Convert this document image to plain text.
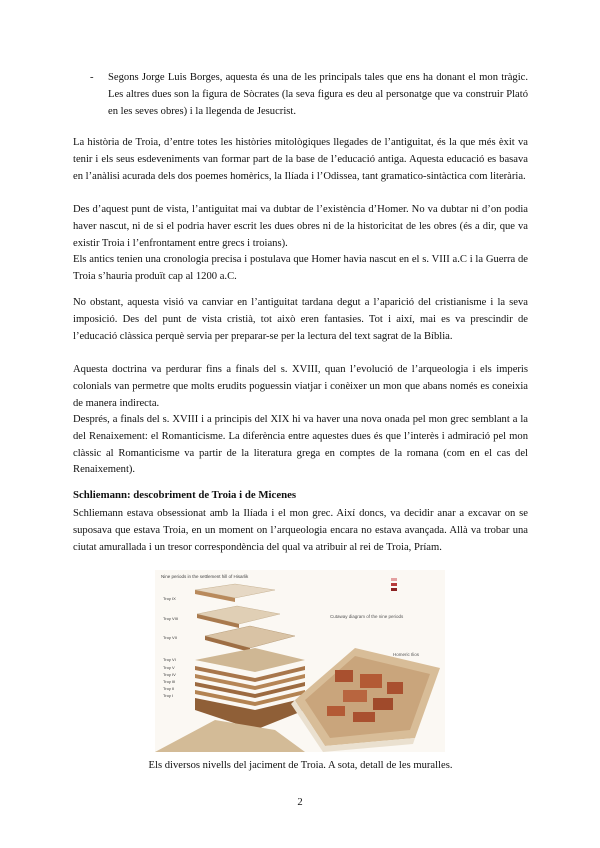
- Segons Jorge Luis Borges, aquesta és una de les principals tales que ens ha donant el mon tràgic. Les altres dues son la figura de Sòcrates (la seva figura es deu al personatge que va construir Plató en les seves obres) i la llegenda de Jesucrist.

La història de Troia, d’entre totes les històries mitològiques llegades de l’antiguitat, és la que més èxit va tenir i els seus esdeveniments van formar part de la base de l’educació antiga. Aquesta educació es basava en l’anàlisi acurada dels dos poemes homèrics, la Ilíada i l’Odissea, tant gramatico-sintàctica com literària.

Des d’aquest punt de vista, l’antiguitat mai va dubtar de l’existència d’Homer. No va dubtar ni d’on podia haver nascut, ni de si el podria haver escrit les dues obres ni de la historicitat de les obres (és a dir, que va existir Troia i l’enfrontament entre grecs i troians).

Els antics tenien una cronologia precisa i postulava que Homer havia nascut en el s. VIII a.C i la Guerra de Troia s’hauria produït cap al 1200 a.C.

No obstant, aquesta visió va canviar en l’antiguitat tardana degut a l’aparició del cristianisme i la seva imposició. Des del punt de vista cristià, tot això eren fantasies. Tot i així, mai es va prescindir de l’educació clàssica perquè servia per preparar-se per la lectura del text sagrat de la Bíblia.

Aquesta doctrina va perdurar fins a finals del s. XVIII, quan l’evolució de l’arqueologia i els imperis colonials van permetre que molts erudits poguessin viatjar i conèixer un mon que abans només es coneixia de manera indirecta.

Després, a finals del s. XVIII i a principis del XIX hi va haver una nova onada pel mon grec semblant a la del Renaixement: el Romanticisme. La diferència entre aquestes dues és que l’interès i admiració pel mon clàssic al Romanticisme va partir de la literatura grega en comptes de la romana (com en el cas del Renaixement).

Schliemann: descobriment de Troia i de Micenes

Schliemann estava obsessionat amb la Ilíada i el mon grec. Així doncs, va decidir anar a excavar on se suposava que estava Troia, en un moment on l’arqueologia encara no estava avançada. Allà va trobar una ciutat amurallada i un tresor correspondència del qual va atribuir al rei de Troia, Príam.

Nine periods in the settlement hill of Hisarlik
Troy IX
Troy VIII
Troy VII
Troy VI
Troy V
Troy IV
Troy III
Troy II
Troy I
Cutaway diagram of the nine periods
Homeric Ilios
Els diversos nivells del jaciment de Troia. A sota, detall de les muralles.
2
